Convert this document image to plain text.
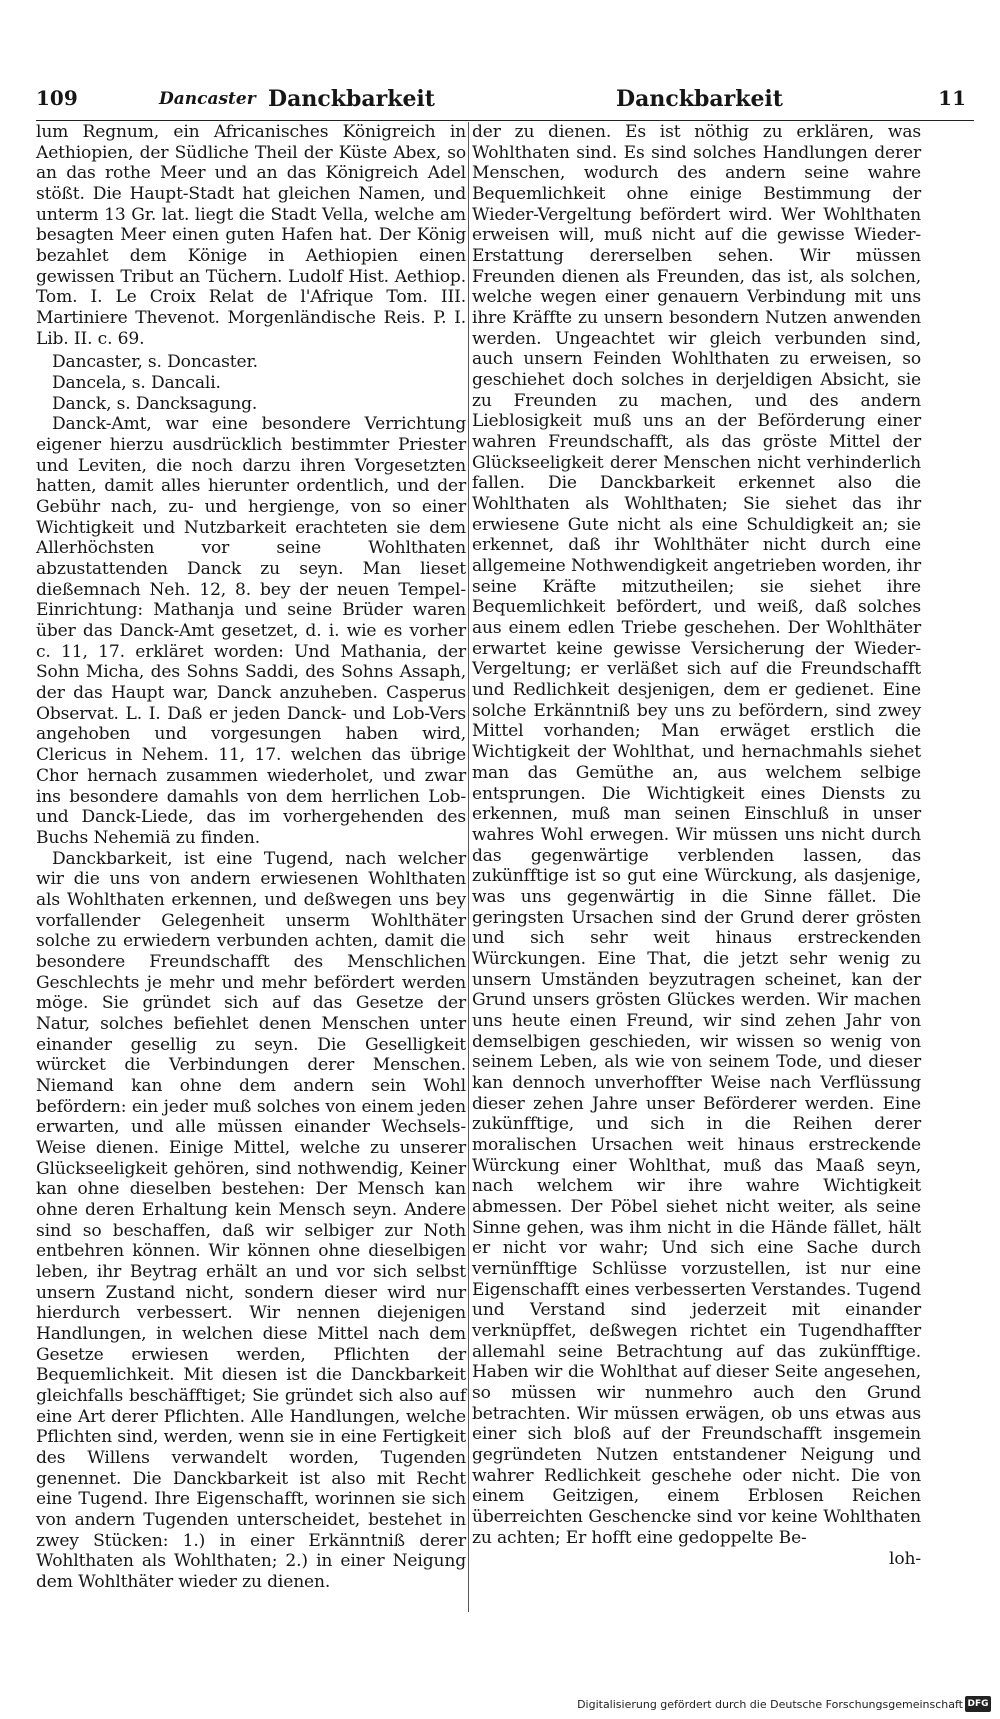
109	Dancaster Danckbarkeit	Danckbarkeit	11

lum Regnum, ein Africanisches Königreich in Aethiopien, der Südliche Theil der Küste Abex, so an das rothe Meer und an das Königreich Adel stößt. Die Haupt-Stadt hat gleichen Namen, und unterm 13 Gr. lat. liegt die Stadt Vella, welche am besagten Meer einen guten Hafen hat. Der König bezahlet dem Könige in Aethiopien einen gewissen Tribut an Tüchern. Ludolf Hist. Aethiop. Tom. I. Le Croix Relat de l'Afrique Tom. III. Martiniere Thevenot. Morgenländische Reis. P. I. Lib. II. c. 69.

Dancaster, s. Doncaster.

Dancela, s. Dancali.

Danck, s. Dancksagung.

Danck-Amt, war eine besondere Verrichtung eigener hierzu ausdrücklich bestimmter Priester und Leviten, die noch darzu ihren Vorgesetzten hatten, damit alles hierunter ordentlich, und der Gebühr nach, zu- und hergienge, von so einer Wichtigkeit und Nutzbarkeit erachteten sie dem Allerhöchsten vor seine Wohlthaten abzustattenden Danck zu seyn. Man lieset dießemnach Neh. 12, 8. bey der neuen Tempel-Einrichtung: Mathanja und seine Brüder waren über das Danck-Amt gesetzet, d. i. wie es vorher c. 11, 17. erkläret worden: Und Mathania, der Sohn Micha, des Sohns Saddi, des Sohns Assaph, der das Haupt war, Danck anzuheben. Casperus Observat. L. I. Daß er jeden Danck- und Lob-Vers angehoben und vorgesungen haben wird, Clericus in Nehem. 11, 17. welchen das übrige Chor hernach zusammen wiederholet, und zwar ins besondere damahls von dem herrlichen Lob- und Danck-Liede, das im vorhergehenden des Buchs Nehemiä zu finden.

Danckbarkeit, ist eine Tugend, nach welcher wir die uns von andern erwiesenen Wohlthaten als Wohlthaten erkennen, und deßwegen uns bey vorfallender Gelegenheit unserm Wohlthäter solche zu erwiedern verbunden achten, damit die besondere Freundschafft des Menschlichen Geschlechts je mehr und mehr befördert werden möge. Sie gründet sich auf das Gesetze der Natur, solches befiehlet denen Menschen unter einander gesellig zu seyn. Die Geselligkeit würcket die Verbindungen derer Menschen. Niemand kan ohne dem andern sein Wohl befördern: ein jeder muß solches von einem jeden erwarten, und alle müssen einander Wechsels-Weise dienen. Einige Mittel, welche zu unserer Glückseeligkeit gehören, sind nothwendig, Keiner kan ohne dieselben bestehen: Der Mensch kan ohne deren Erhaltung kein Mensch seyn. Andere sind so beschaffen, daß wir selbiger zur Noth entbehren können. Wir können ohne dieselbigen leben, ihr Beytrag erhält an und vor sich selbst unsern Zustand nicht, sondern dieser wird nur hierdurch verbessert. Wir nennen diejenigen Handlungen, in welchen diese Mittel nach dem Gesetze erwiesen werden, Pflichten der Bequemlichkeit. Mit diesen ist die Danckbarkeit gleichfalls beschäfftiget; Sie gründet sich also auf eine Art derer Pflichten. Alle Handlungen, welche Pflichten sind, werden, wenn sie in eine Fertigkeit des Willens verwandelt worden, Tugenden genennet. Die Danckbarkeit ist also mit Recht eine Tugend. Ihre Eigenschafft, worinnen sie sich von andern Tugenden unterscheidet, bestehet in zwey Stücken: 1.) in einer Erkänntniß derer Wohlthaten als Wohlthaten; 2.) in einer Neigung dem Wohlthäter wieder zu dienen.

der zu dienen. Es ist nöthig zu erklären, was Wohlthaten sind. Es sind solches Handlungen derer Menschen, wodurch des andern seine wahre Bequemlichkeit ohne einige Bestimmung der Wieder-Vergeltung befördert wird. Wer Wohlthaten erweisen will, muß nicht auf die gewisse Wieder-Erstattung dererselben sehen. Wir müssen Freunden dienen als Freunden, das ist, als solchen, welche wegen einer genauern Verbindung mit uns ihre Kräffte zu unsern besondern Nutzen anwenden werden. Ungeachtet wir gleich verbunden sind, auch unsern Feinden Wohlthaten zu erweisen, so geschiehet doch solches in derjeldigen Absicht, sie zu Freunden zu machen, und des andern Lieblosigkeit muß uns an der Beförderung einer wahren Freundschafft, als das gröste Mittel der Glückseeligkeit derer Menschen nicht verhinderlich fallen. Die Danckbarkeit erkennet also die Wohlthaten als Wohlthaten; Sie siehet das ihr erwiesene Gute nicht als eine Schuldigkeit an; sie erkennet, daß ihr Wohlthäter nicht durch eine allgemeine Nothwendigkeit angetrieben worden, ihr seine Kräfte mitzutheilen; sie siehet ihre Bequemlichkeit befördert, und weiß, daß solches aus einem edlen Triebe geschehen. Der Wohlthäter erwartet keine gewisse Versicherung der Wieder-Vergeltung; er verläßet sich auf die Freundschafft und Redlichkeit desjenigen, dem er gedienet. Eine solche Erkänntniß bey uns zu befördern, sind zwey Mittel vorhanden; Man erwäget erstlich die Wichtigkeit der Wohlthat, und hernachmahls siehet man das Gemüthe an, aus welchem selbige entsprungen. Die Wichtigkeit eines Diensts zu erkennen, muß man seinen Einschluß in unser wahres Wohl erwegen. Wir müssen uns nicht durch das gegenwärtige verblenden lassen, das zukünfftige ist so gut eine Würckung, als dasjenige, was uns gegenwärtig in die Sinne fället. Die geringsten Ursachen sind der Grund derer grösten und sich sehr weit hinaus erstreckenden Würckungen. Eine That, die jetzt sehr wenig zu unsern Umständen beyzutragen scheinet, kan der Grund unsers grösten Glückes werden. Wir machen uns heute einen Freund, wir sind zehen Jahr von demselbigen geschieden, wir wissen so wenig von seinem Leben, als wie von seinem Tode, und dieser kan dennoch unverhoffter Weise nach Verflüssung dieser zehen Jahre unser Beförderer werden. Eine zukünfftige, und sich in die Reihen derer moralischen Ursachen weit hinaus erstreckende Würckung einer Wohlthat, muß das Maaß seyn, nach welchem wir ihre wahre Wichtigkeit abmessen. Der Pöbel siehet nicht weiter, als seine Sinne gehen, was ihm nicht in die Hände fället, hält er nicht vor wahr; Und sich eine Sache durch vernünfftige Schlüsse vorzustellen, ist nur eine Eigenschafft eines verbesserten Verstandes. Tugend und Verstand sind jederzeit mit einander verknüpffet, deßwegen richtet ein Tugendhaffter allemahl seine Betrachtung auf das zukünfftige. Haben wir die Wohlthat auf dieser Seite angesehen, so müssen wir nunmehro auch den Grund betrachten. Wir müssen erwägen, ob uns etwas aus einer sich bloß auf der Freundschafft insgemein gegründeten Nutzen entstandener Neigung und wahrer Redlichkeit geschehe oder nicht. Die von einem Geitzigen, einem Erblosen Reichen überreichten Geschencke sind vor keine Wohlthaten zu achten; Er hofft eine gedoppelte Be-

loh-

Digitalisierung gefördert durch die Deutsche Forschungsgemeinschaft DFG
